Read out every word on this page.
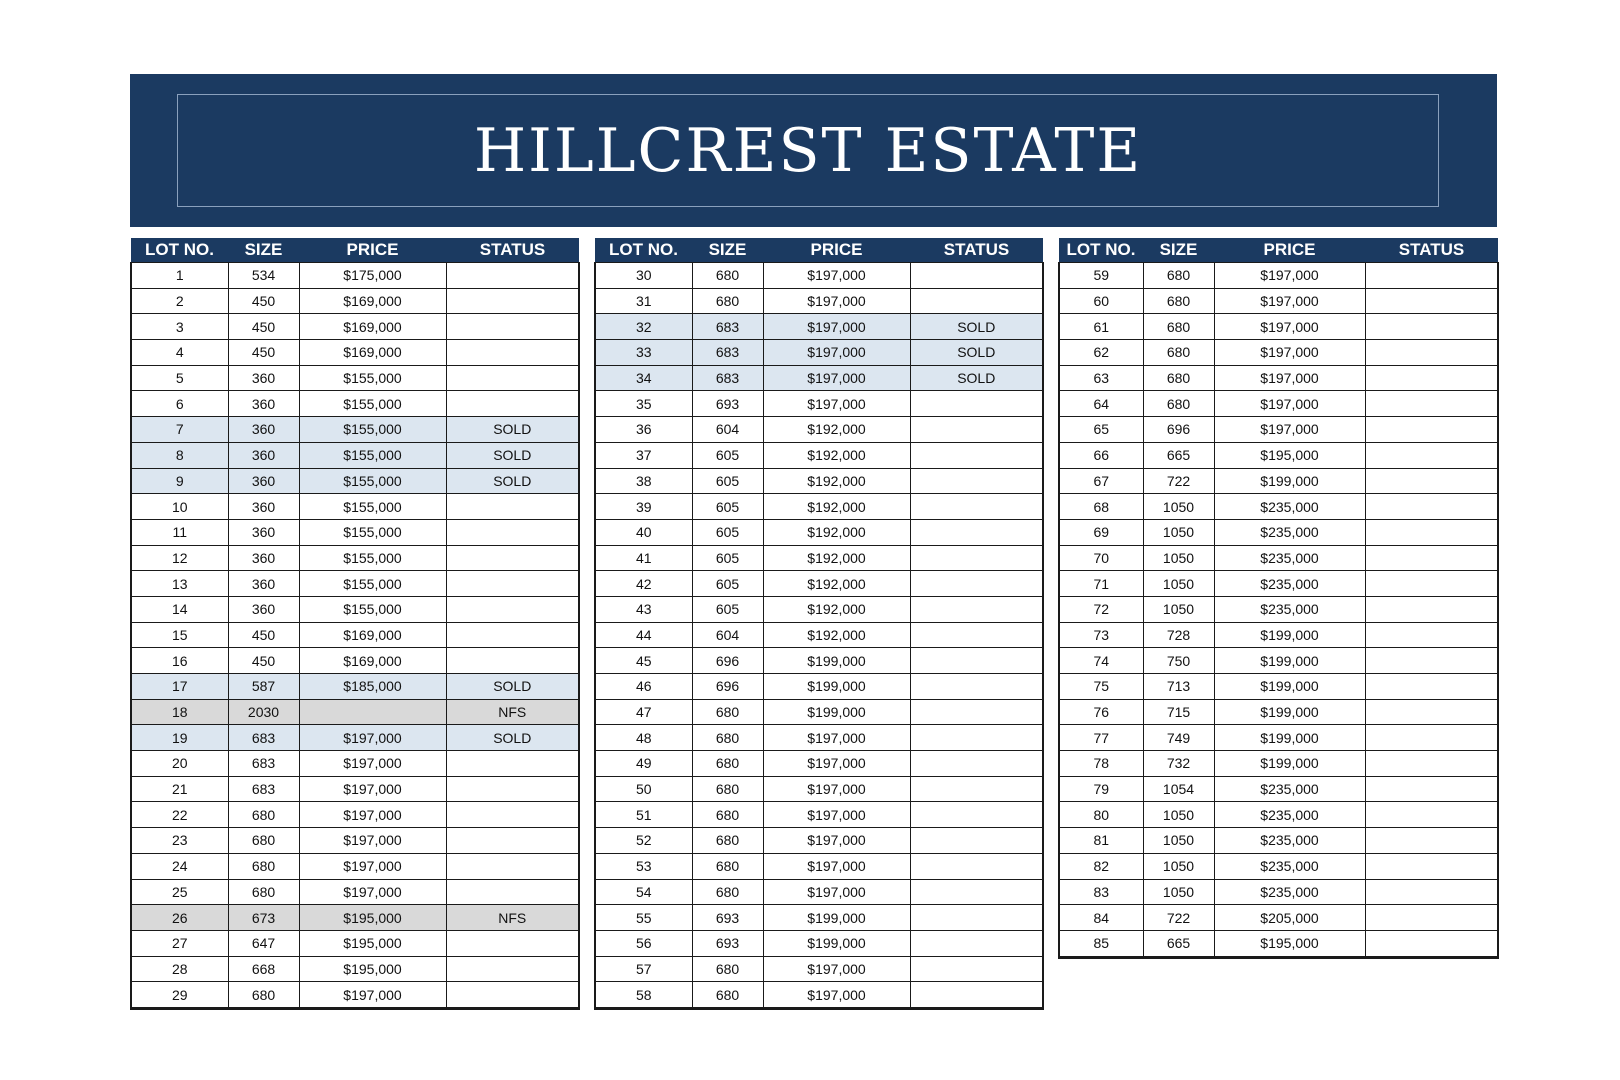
HILLCREST ESTATE
LOT NO.	SIZE	PRICE	STATUS
1	534	$175,000	
2	450	$169,000	
3	450	$169,000	
4	450	$169,000	
5	360	$155,000	
6	360	$155,000	
7	360	$155,000	SOLD
8	360	$155,000	SOLD
9	360	$155,000	SOLD
10	360	$155,000	
11	360	$155,000	
12	360	$155,000	
13	360	$155,000	
14	360	$155,000	
15	450	$169,000	
16	450	$169,000	
17	587	$185,000	SOLD
18	2030		NFS
19	683	$197,000	SOLD
20	683	$197,000	
21	683	$197,000	
22	680	$197,000	
23	680	$197,000	
24	680	$197,000	
25	680	$197,000	
26	673	$195,000	NFS
27	647	$195,000	
28	668	$195,000	
29	680	$197,000	
LOT NO.	SIZE	PRICE	STATUS
30	680	$197,000	
31	680	$197,000	
32	683	$197,000	SOLD
33	683	$197,000	SOLD
34	683	$197,000	SOLD
35	693	$197,000	
36	604	$192,000	
37	605	$192,000	
38	605	$192,000	
39	605	$192,000	
40	605	$192,000	
41	605	$192,000	
42	605	$192,000	
43	605	$192,000	
44	604	$192,000	
45	696	$199,000	
46	696	$199,000	
47	680	$199,000	
48	680	$197,000	
49	680	$197,000	
50	680	$197,000	
51	680	$197,000	
52	680	$197,000	
53	680	$197,000	
54	680	$197,000	
55	693	$199,000	
56	693	$199,000	
57	680	$197,000	
58	680	$197,000	
LOT NO.	SIZE	PRICE	STATUS
59	680	$197,000	
60	680	$197,000	
61	680	$197,000	
62	680	$197,000	
63	680	$197,000	
64	680	$197,000	
65	696	$197,000	
66	665	$195,000	
67	722	$199,000	
68	1050	$235,000	
69	1050	$235,000	
70	1050	$235,000	
71	1050	$235,000	
72	1050	$235,000	
73	728	$199,000	
74	750	$199,000	
75	713	$199,000	
76	715	$199,000	
77	749	$199,000	
78	732	$199,000	
79	1054	$235,000	
80	1050	$235,000	
81	1050	$235,000	
82	1050	$235,000	
83	1050	$235,000	
84	722	$205,000	
85	665	$195,000	
